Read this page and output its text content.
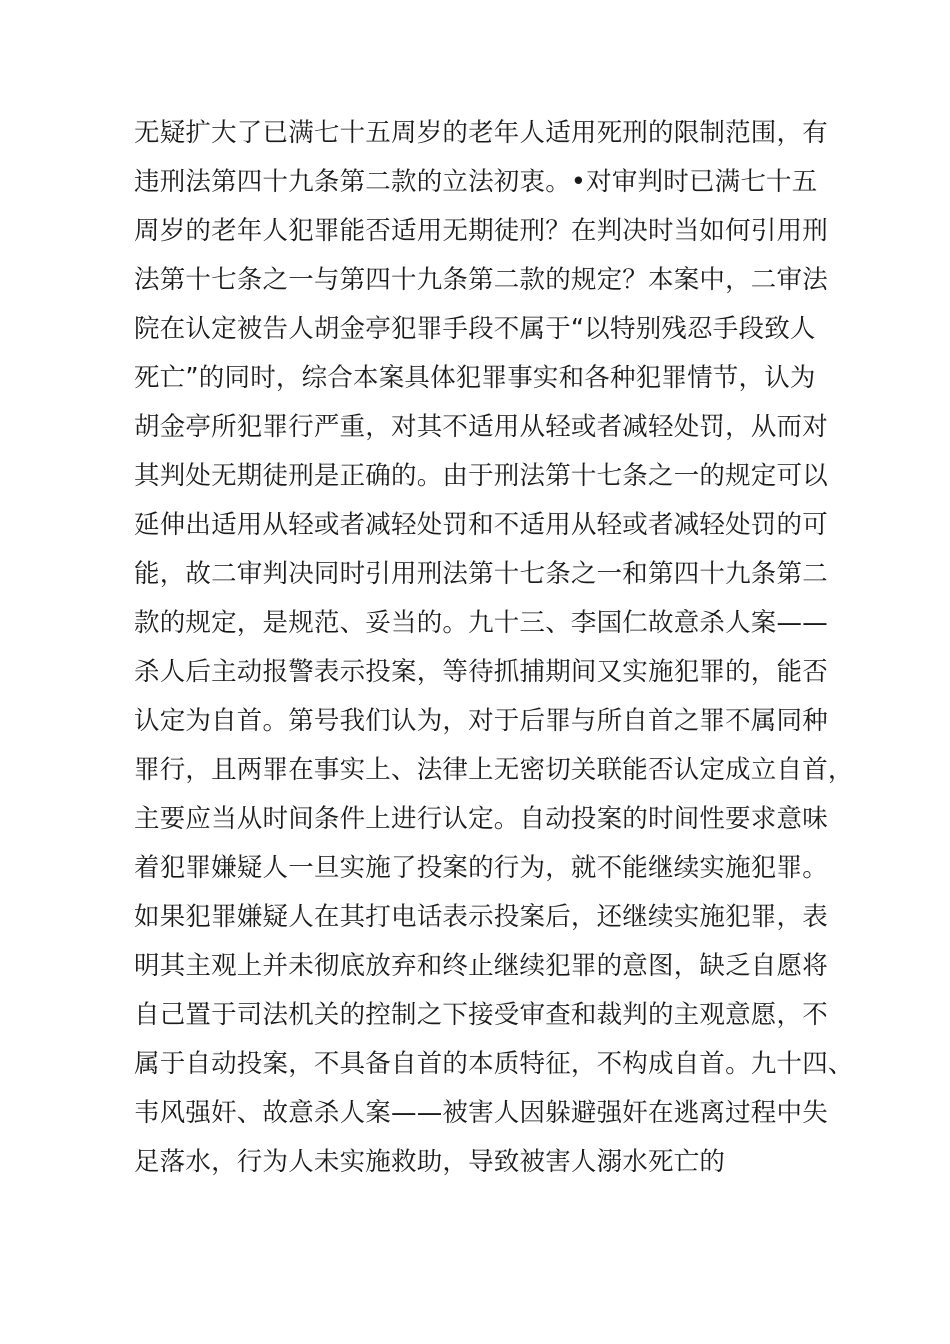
无疑扩大了已满七十五周岁的老年人适用死刑的限制范围，有
违刑法第四十九条第二款的立法初衷。•对审判时已满七十五
周岁的老年人犯罪能否适用无期徒刑？在判决时当如何引用刑
法第十七条之一与第四十九条第二款的规定？本案中，二审法
院在认定被告人胡金亭犯罪手段不属于“以特别残忍手段致人
死亡”的同时，综合本案具体犯罪事实和各种犯罪情节，认为
胡金亭所犯罪行严重，对其不适用从轻或者减轻处罚，从而对
其判处无期徒刑是正确的。由于刑法第十七条之一的规定可以
延伸出适用从轻或者减轻处罚和不适用从轻或者减轻处罚的可
能，故二审判决同时引用刑法第十七条之一和第四十九条第二
款的规定，是规范、妥当的。九十三、李国仁故意杀人案——
杀人后主动报警表示投案，等待抓捕期间又实施犯罪的，能否
认定为自首。第号我们认为，对于后罪与所自首之罪不属同种
罪行，且两罪在事实上、法律上无密切关联能否认定成立自首，
主要应当从时间条件上进行认定。自动投案的时间性要求意味
着犯罪嫌疑人一旦实施了投案的行为，就不能继续实施犯罪。
如果犯罪嫌疑人在其打电话表示投案后，还继续实施犯罪，表
明其主观上并未彻底放弃和终止继续犯罪的意图，缺乏自愿将
自己置于司法机关的控制之下接受审查和裁判的主观意愿，不
属于自动投案，不具备自首的本质特征，不构成自首。九十四、
韦风强奸、故意杀人案——被害人因躲避强奸在逃离过程中失
足落水，行为人未实施救助，导致被害人溺水死亡的
